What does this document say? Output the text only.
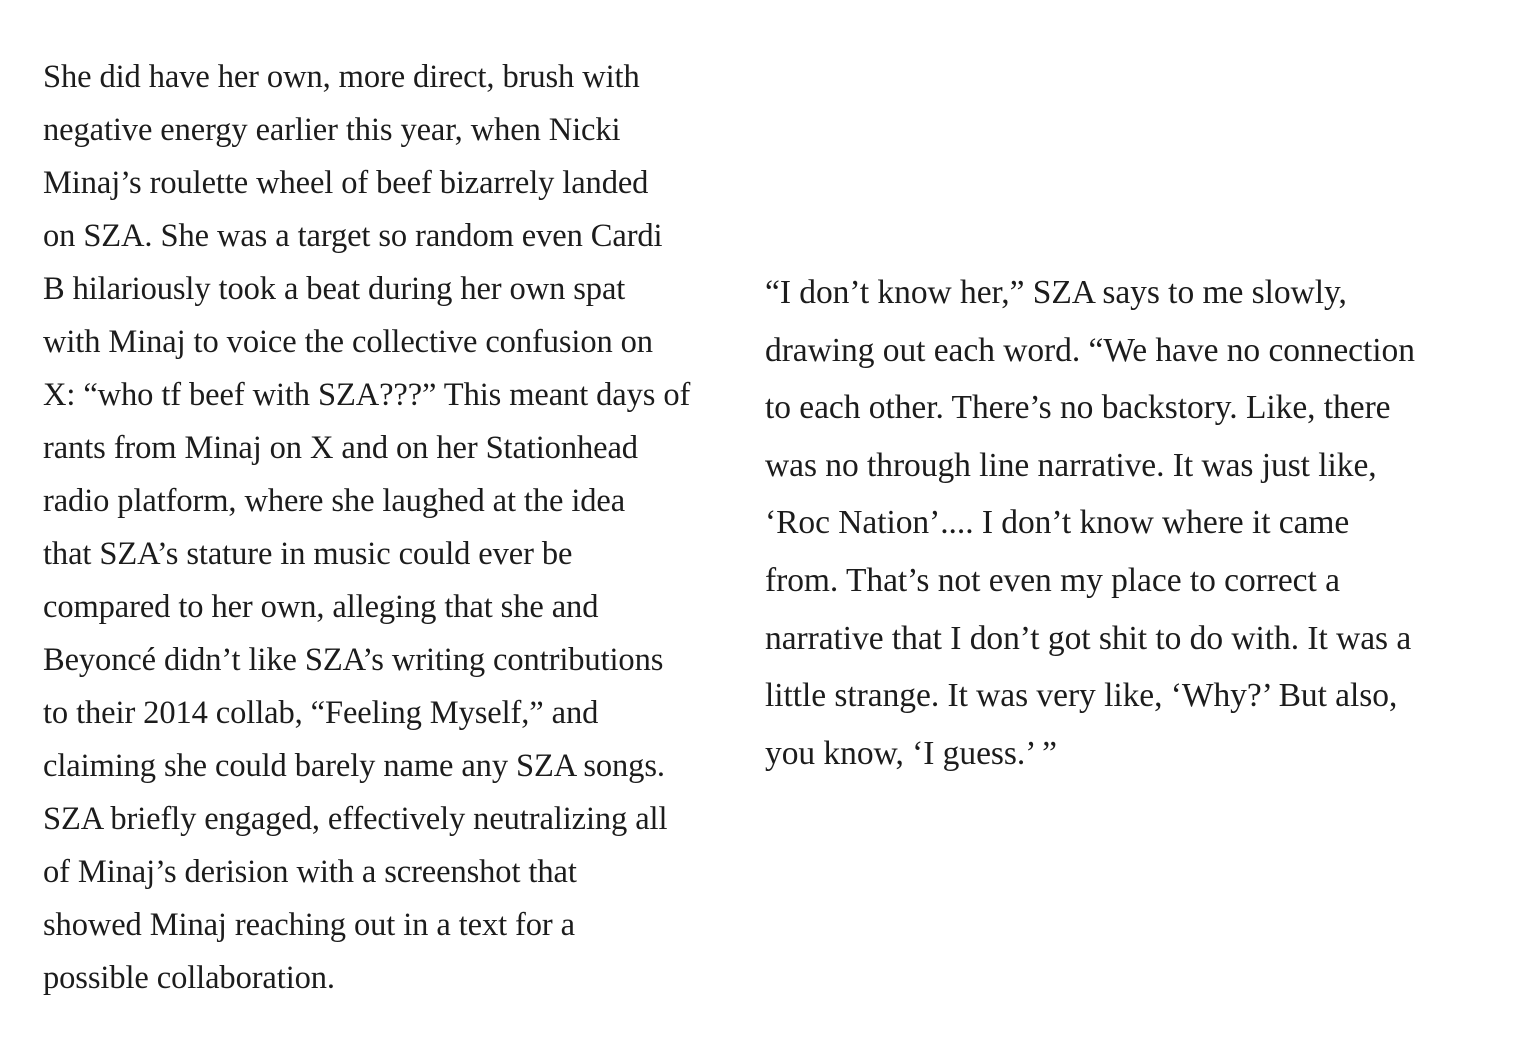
She did have her own, more direct, brush with
negative energy earlier this year, when Nicki
Minaj’s roulette wheel of beef bizarrely landed
on SZA. She was a target so random even Cardi
B hilariously took a beat during her own spat
with Minaj to voice the collective confusion on
X: “who tf beef with SZA???” This meant days of
rants from Minaj on X and on her Stationhead
radio platform, where she laughed at the idea
that SZA’s stature in music could ever be
compared to her own, alleging that she and
Beyoncé didn’t like SZA’s writing contributions
to their 2014 collab, “Feeling Myself,” and
claiming she could barely name any SZA songs.
SZA briefly engaged, effectively neutralizing all
of Minaj’s derision with a screenshot that
showed Minaj reaching out in a text for a
possible collaboration.
“I don’t know her,” SZA says to me slowly,
drawing out each word. “We have no connection
to each other. There’s no backstory. Like, there
was no through line narrative. It was just like,
‘Roc Nation’.... I don’t know where it came
from. That’s not even my place to correct a
narrative that I don’t got shit to do with. It was a
little strange. It was very like, ‘Why?’ But also,
you know, ‘I guess.’ ”
